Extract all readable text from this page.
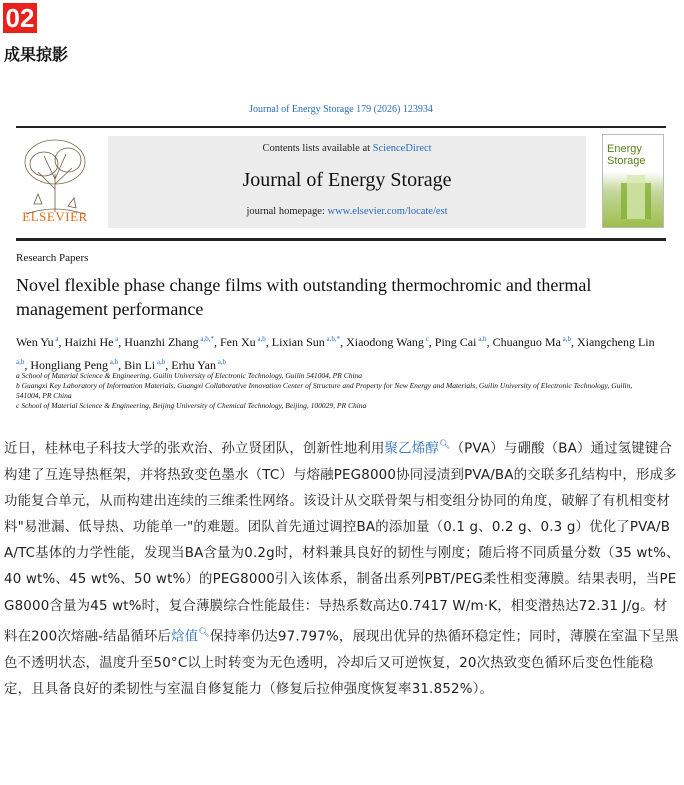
02
成果掠影
Journal of Energy Storage 179 (2026) 123934
ELSEVIER
Contents lists available at ScienceDirect
Journal of Energy Storage
journal homepage: www.elsevier.com/locate/est
Energy Storage
Research Papers
Novel flexible phase change films with outstanding thermochromic and thermal management performance
Wen Yu $^a$, Haizhi He $^a$, Huanzhi Zhang $^{a,b,*}$, Fen Xu $^{a,b}$, Lixian Sun $^{a,b,*}$, Xiaodong Wang $^c$, Ping Cai $^{a,b}$, Chuanguo Ma $^{a,b}$, Xiangcheng Lin $^{a,b}$, Hongliang Peng $^{a,b}$, Bin Li $^{a,b}$, Erhu Yan $^{a,b}$
a School of Material Science & Engineering, Guilin University of Electronic Technology, Guilin 541004, PR China
b Guangxi Key Laboratory of Information Materials, Guangxi Collaborative Innovation Center of Structure and Property for New Energy and Materials, Guilin University of Electronic Technology, Guilin, 541004, PR China
c School of Material Science & Engineering, Beijing University of Chemical Technology, Beijing, 100029, PR China
近日，桂林电子科技大学的张欢治、孙立贤团队，创新性地利用聚乙烯醇🔍︎（PVA）与硼酸（BA）通过氢键键合构建了互连导热框架，并将热致变色墨水（TC）与熔融PEG8000协同浸渍到PVA/BA的交联多孔结构中，形成多功能复合单元，从而构建出连续的三维柔性网络。该设计从交联骨架与相变组分协同的角度，破解了有机相变材料"易泄漏、低导热、功能单一"的难题。团队首先通过调控BA的添加量（0.1 g、0.2 g、0.3 g）优化了PVA/BA/TC基体的力学性能，发现当BA含量为0.2g时，材料兼具良好的韧性与刚度；随后将不同质量分数（35 wt%、40 wt%、45 wt%、50 wt%）的PEG8000引入该体系，制备出系列PBT/PEG柔性相变薄膜。结果表明，当PEG8000含量为45 wt%时，复合薄膜综合性能最佳：导热系数高达0.7417 W/m·K，相变潜热达72.31 J/g。材料在200次熔融-结晶循环后焓值🔍︎保持率仍达97.797%，展现出优异的热循环稳定性；同时，薄膜在室温下呈黑色不透明状态，温度升至50°C以上时转变为无色透明，冷却后又可逆恢复，20次热致变色循环后变色性能稳定，且具备良好的柔韧性与室温自修复能力（修复后拉伸强度恢复率31.852%）。
